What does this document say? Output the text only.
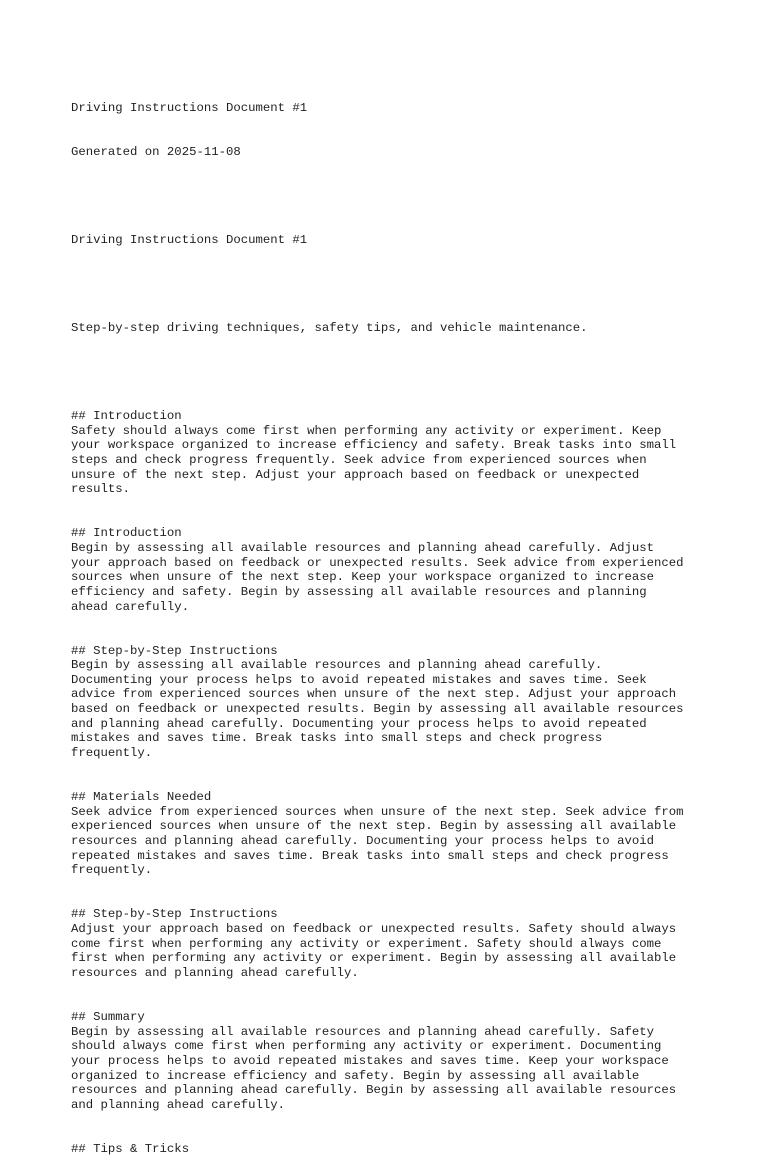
Driving Instructions Document #1

Generated on 2025-11-08

Driving Instructions Document #1

Step-by-step driving techniques, safety tips, and vehicle maintenance.

## Introduction
Safety should always come first when performing any activity or experiment. Keep
your workspace organized to increase efficiency and safety. Break tasks into small
steps and check progress frequently. Seek advice from experienced sources when
unsure of the next step. Adjust your approach based on feedback or unexpected
results.
## Introduction
Begin by assessing all available resources and planning ahead carefully. Adjust
your approach based on feedback or unexpected results. Seek advice from experienced
sources when unsure of the next step. Keep your workspace organized to increase
efficiency and safety. Begin by assessing all available resources and planning
ahead carefully.
## Step-by-Step Instructions
Begin by assessing all available resources and planning ahead carefully.
Documenting your process helps to avoid repeated mistakes and saves time. Seek
advice from experienced sources when unsure of the next step. Adjust your approach
based on feedback or unexpected results. Begin by assessing all available resources
and planning ahead carefully. Documenting your process helps to avoid repeated
mistakes and saves time. Break tasks into small steps and check progress
frequently.
## Materials Needed
Seek advice from experienced sources when unsure of the next step. Seek advice from
experienced sources when unsure of the next step. Begin by assessing all available
resources and planning ahead carefully. Documenting your process helps to avoid
repeated mistakes and saves time. Break tasks into small steps and check progress
frequently.
## Step-by-Step Instructions
Adjust your approach based on feedback or unexpected results. Safety should always
come first when performing any activity or experiment. Safety should always come
first when performing any activity or experiment. Begin by assessing all available
resources and planning ahead carefully.
## Summary
Begin by assessing all available resources and planning ahead carefully. Safety
should always come first when performing any activity or experiment. Documenting
your process helps to avoid repeated mistakes and saves time. Keep your workspace
organized to increase efficiency and safety. Begin by assessing all available
resources and planning ahead carefully. Begin by assessing all available resources
and planning ahead carefully.
## Tips & Tricks
